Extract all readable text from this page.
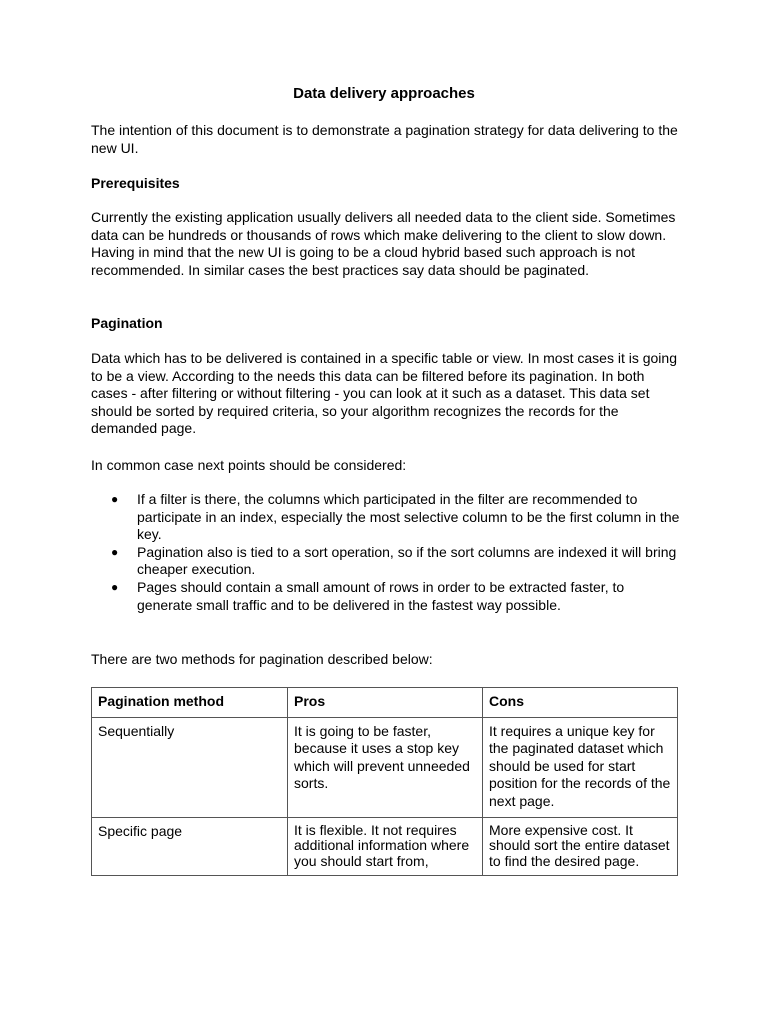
Data delivery approaches
The intention of this document is to demonstrate a pagination strategy for data delivering to the new UI.
Prerequisites
Currently the existing application usually delivers all needed data to the client side. Sometimes data can be hundreds or thousands of rows which make delivering to the client to slow down. Having in mind that the new UI is going to be a cloud hybrid based such approach is not recommended. In similar cases the best practices say data should be paginated.
Pagination
Data which has to be delivered is contained in a specific table or view. In most cases it is going to be a view. According to the needs this data can be filtered before its pagination. In both cases - after filtering or without filtering - you can look at it such as a dataset. This data set should be sorted by required criteria, so your algorithm recognizes the records for the demanded page.
In common case next points should be considered:
● If a filter is there, the columns which participated in the filter are recommended to participate in an index, especially the most selective column to be the first column in the key.
● Pagination also is tied to a sort operation, so if the sort columns are indexed it will bring cheaper execution.
● Pages should contain a small amount of rows in order to be extracted faster, to generate small traffic and to be delivered in the fastest way possible.
There are two methods for pagination described below:
Pagination method	Pros	Cons
Sequentially	It is going to be faster, because it uses a stop key which will prevent unneeded sorts.	It requires a unique key for the paginated dataset which should be used for start position for the records of the next page.
Specific page	It is flexible. It not requires additional information where you should start from,	More expensive cost. It should sort the entire dataset to find the desired page.
